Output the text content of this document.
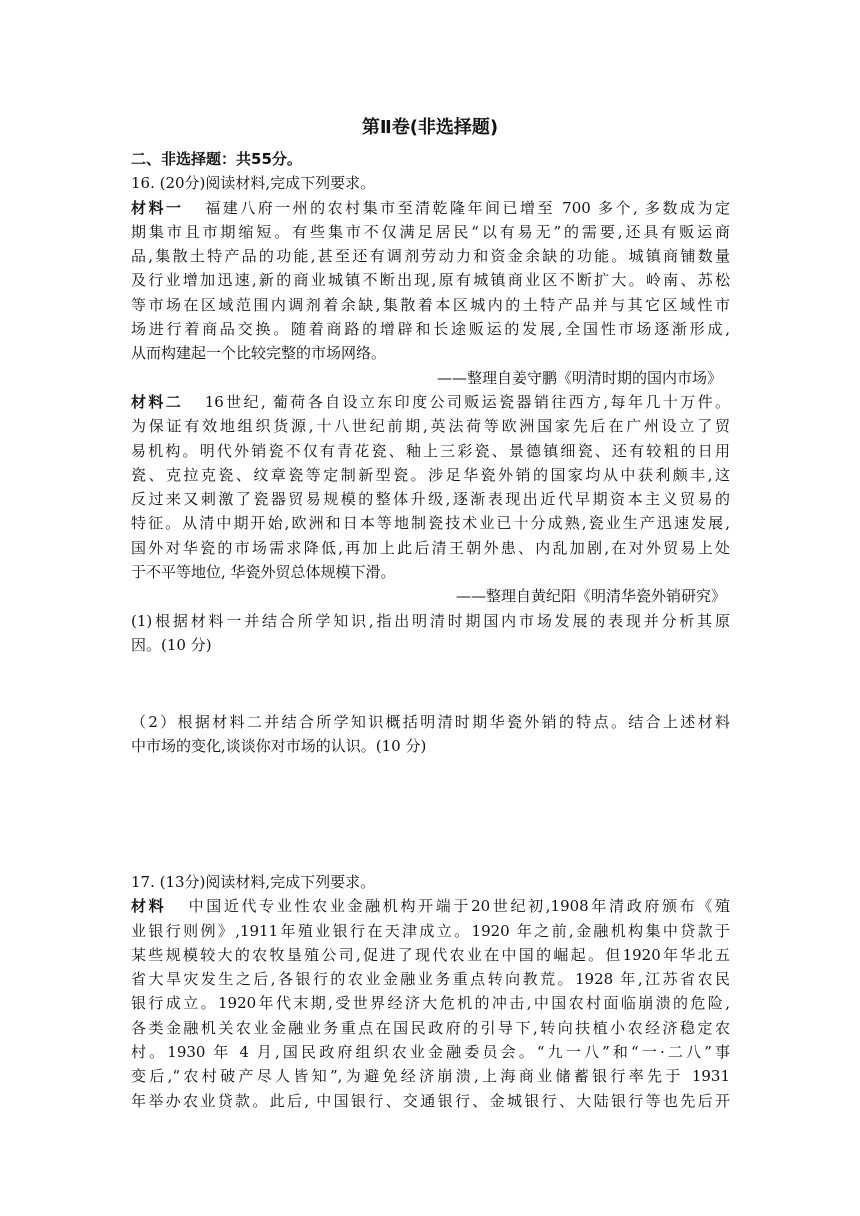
第Ⅱ卷(非选择题)
二、非选择题：共55分。
16. (20分)阅读材料,完成下列要求。
材料一 福建八府一州的农村集市至清乾隆年间已增至 700 多个, 多数成为定
期集市且市期缩短。有些集市不仅满足居民“以有易无”的需要,还具有贩运商
品,集散土特产品的功能,甚至还有调剂劳动力和资金余缺的功能。城镇商铺数量
及行业增加迅速,新的商业城镇不断出现,原有城镇商业区不断扩大。岭南、苏松
等市场在区域范围内调剂着余缺,集散着本区城内的土特产品并与其它区域性市
场进行着商品交换。随着商路的增辟和长途贩运的发展,全国性市场逐渐形成,
从而构建起一个比较完整的市场网络。
——整理自姜守鹏《明清时期的国内市场》
材料二 16世纪, 葡荷各自设立东印度公司贩运瓷器销往西方,每年几十万件。
为保证有效地组织货源,十八世纪前期,英法荷等欧洲国家先后在广州设立了贸
易机构。明代外销瓷不仅有青花瓷、釉上三彩瓷、景德镇细瓷、还有较粗的日用
瓷、克拉克瓷、纹章瓷等定制新型瓷。涉足华瓷外销的国家均从中获利颇丰,这
反过来又刺激了瓷器贸易规模的整体升级,逐渐表现出近代早期资本主义贸易的
特征。从清中期开始,欧洲和日本等地制瓷技术业已十分成熟,瓷业生产迅速发展,
国外对华瓷的市场需求降低,再加上此后清王朝外患、内乱加剧,在对外贸易上处
于不平等地位, 华瓷外贸总体规模下滑。
——整理自黄纪阳《明清华瓷外销研究》
(1)根据材料一并结合所学知识,指出明清时期国内市场发展的表现并分析其原
因。(10 分)
（2）根据材料二并结合所学知识概括明清时期华瓷外销的特点。结合上述材料
中市场的变化,谈谈你对市场的认识。(10 分)
17. (13分)阅读材料,完成下列要求。
材料 中国近代专业性农业金融机构开端于20世纪初,1908年清政府颁布《殖
业银行则例》,1911年殖业银行在天津成立。1920 年之前,金融机构集中贷款于
某些规模较大的农牧垦殖公司,促进了现代农业在中国的崛起。但1920年华北五
省大旱灾发生之后,各银行的农业金融业务重点转向教荒。1928 年,江苏省农民
银行成立。1920年代末期,受世界经济大危机的冲击,中国农村面临崩溃的危险,
各类金融机关农业金融业务重点在国民政府的引导下,转向扶植小农经济稳定农
村。1930 年 4 月,国民政府组织农业金融委员会。“九一八”和“一·二八”事
变后,“农村破产尽人皆知”,为避免经济崩溃,上海商业储蓄银行率先于 1931
年举办农业贷款。此后, 中国银行、交通银行、金城银行、大陆银行等也先后开
